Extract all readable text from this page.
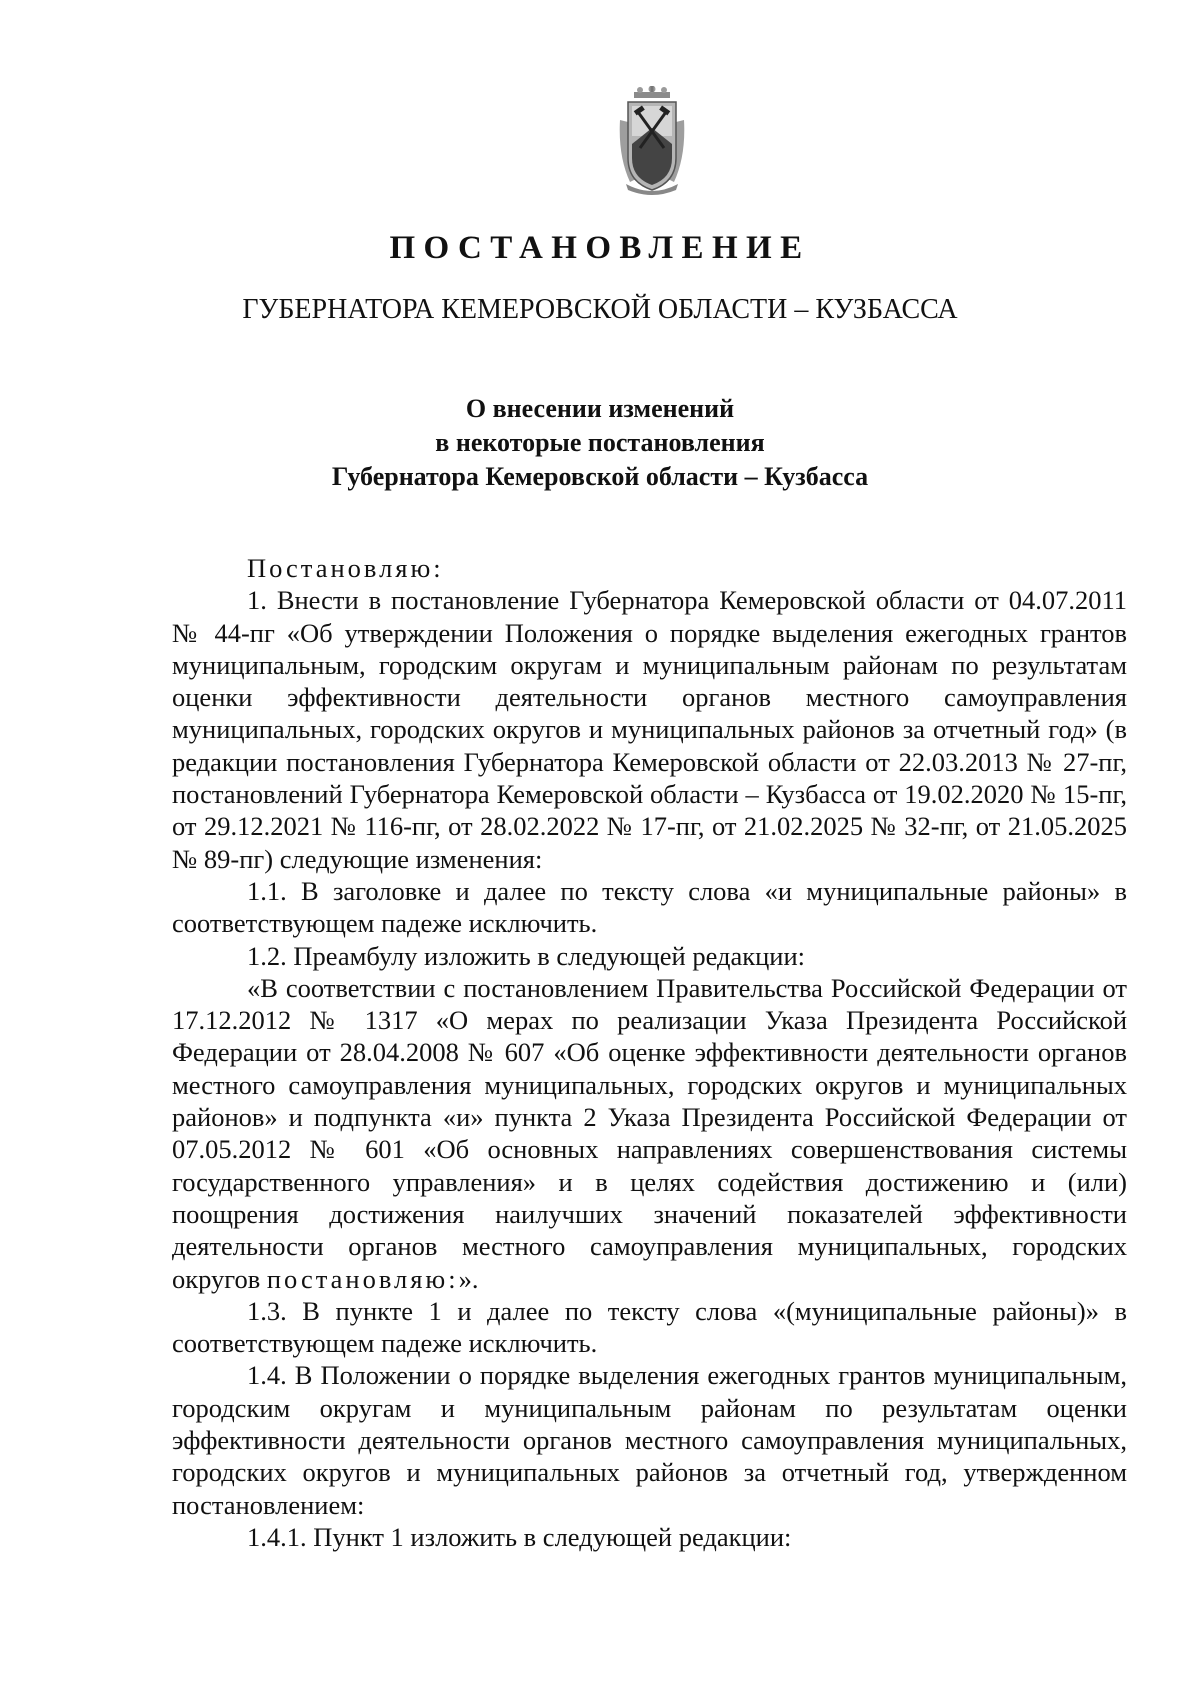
ПОСТАНОВЛЕНИЕ
ГУБЕРНАТОРА КЕМЕРОВСКОЙ ОБЛАСТИ – КУЗБАССА
О внесении изменений
в некоторые постановления
Губернатора Кемеровской области – Кузбасса

Постановляю:

1. Внести в постановление Губернатора Кемеровской области от 04.07.2011 № 44-пг «Об утверждении Положения о порядке выделения ежегодных грантов муниципальным, городским округам и муниципальным районам по результатам оценки эффективности деятельности органов местного самоуправления муниципальных, городских округов и муниципальных районов за отчетный год» (в редакции постановления Губернатора Кемеровской области от 22.03.2013 № 27-пг, постановлений Губернатора Кемеровской области – Кузбасса от 19.02.2020 № 15-пг, от 29.12.2021 № 116-пг, от 28.02.2022 № 17-пг, от 21.02.2025 № 32-пг, от 21.05.2025 № 89-пг) следующие изменения:

1.1. В заголовке и далее по тексту слова «и муниципальные районы» в соответствующем падеже исключить.

1.2. Преамбулу изложить в следующей редакции:

«В соответствии с постановлением Правительства Российской Федерации от 17.12.2012 № 1317 «О мерах по реализации Указа Президента Российской Федерации от 28.04.2008 № 607 «Об оценке эффективности деятельности органов местного самоуправления муниципальных, городских округов и муниципальных районов» и подпункта «и» пункта 2 Указа Президента Российской Федерации от 07.05.2012 № 601 «Об основных направлениях совершенствования системы государственного управления» и в целях содействия достижению и (или) поощрения достижения наилучших значений показателей эффективности деятельности органов местного самоуправления муниципальных, городских округов постановляю:».

1.3. В пункте 1 и далее по тексту слова «(муниципальные районы)» в соответствующем падеже исключить.

1.4. В Положении о порядке выделения ежегодных грантов муниципальным, городским округам и муниципальным районам по результатам оценки эффективности деятельности органов местного самоуправления муниципальных, городских округов и муниципальных районов за отчетный год, утвержденном постановлением:

1.4.1. Пункт 1 изложить в следующей редакции:
